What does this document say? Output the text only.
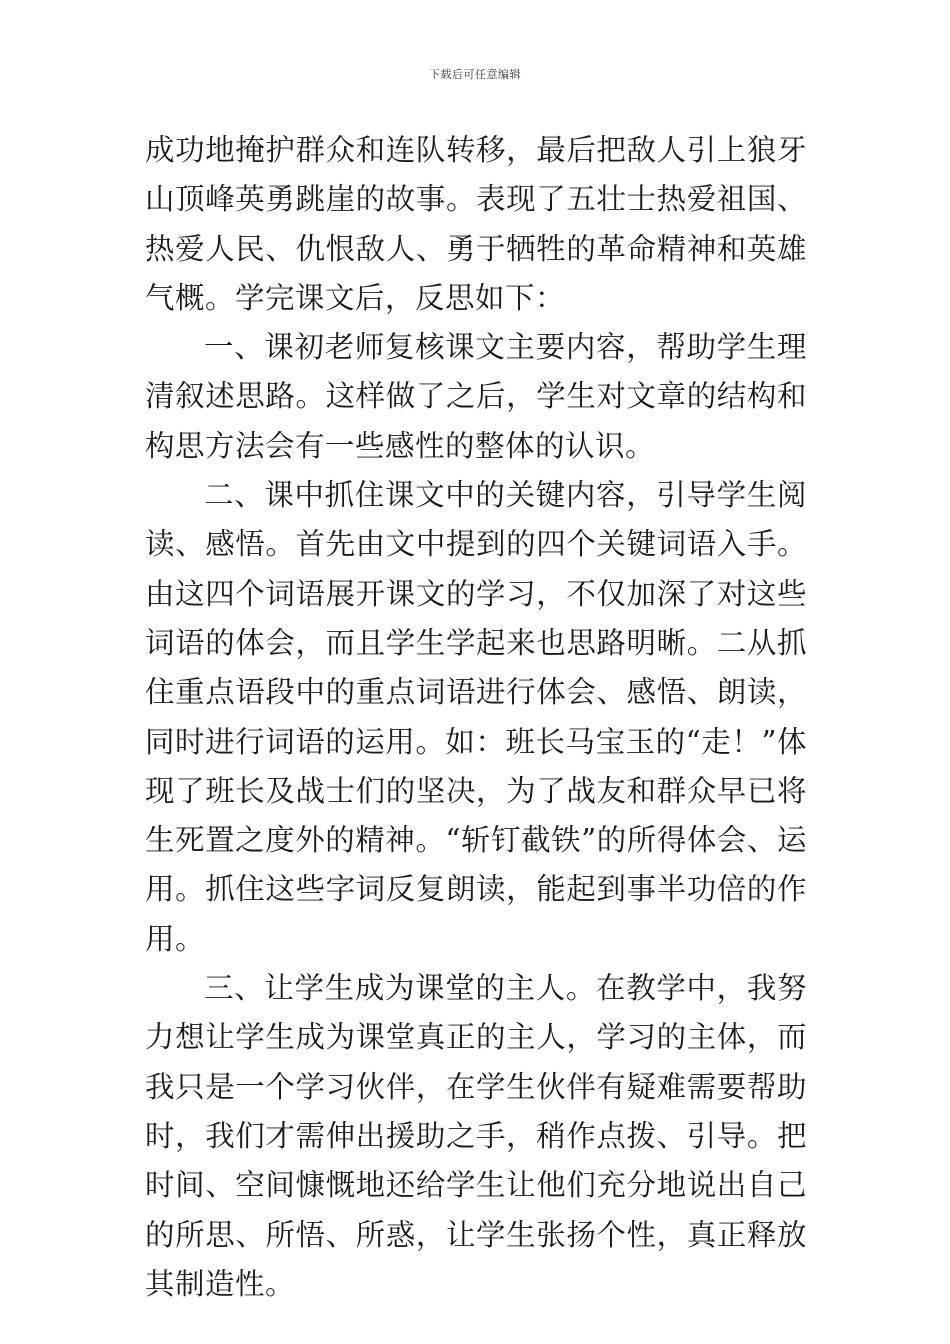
下载后可任意编辑

成功地掩护群众和连队转移，最后把敌人引上狼牙山顶峰英勇跳崖的故事。表现了五壮士热爱祖国、热爱人民、仇恨敌人、勇于牺牲的革命精神和英雄气概。学完课文后，反思如下：

一、课初老师复核课文主要内容，帮助学生理清叙述思路。这样做了之后，学生对文章的结构和构思方法会有一些感性的整体的认识。

二、课中抓住课文中的关键内容，引导学生阅读、感悟。首先由文中提到的四个关键词语入手。由这四个词语展开课文的学习，不仅加深了对这些词语的体会，而且学生学起来也思路明晰。二从抓住重点语段中的重点词语进行体会、感悟、朗读，同时进行词语的运用。如：班长马宝玉的“走！”体现了班长及战士们的坚决，为了战友和群众早已将生死置之度外的精神。“斩钉截铁”的所得体会、运用。抓住这些字词反复朗读，能起到事半功倍的作用。

三、让学生成为课堂的主人。在教学中，我努力想让学生成为课堂真正的主人，学习的主体，而我只是一个学习伙伴，在学生伙伴有疑难需要帮助时，我们才需伸出援助之手，稍作点拨、引导。把时间、空间慷慨地还给学生让他们充分地说出自己的所思、所悟、所惑，让学生张扬个性，真正释放其制造性。
